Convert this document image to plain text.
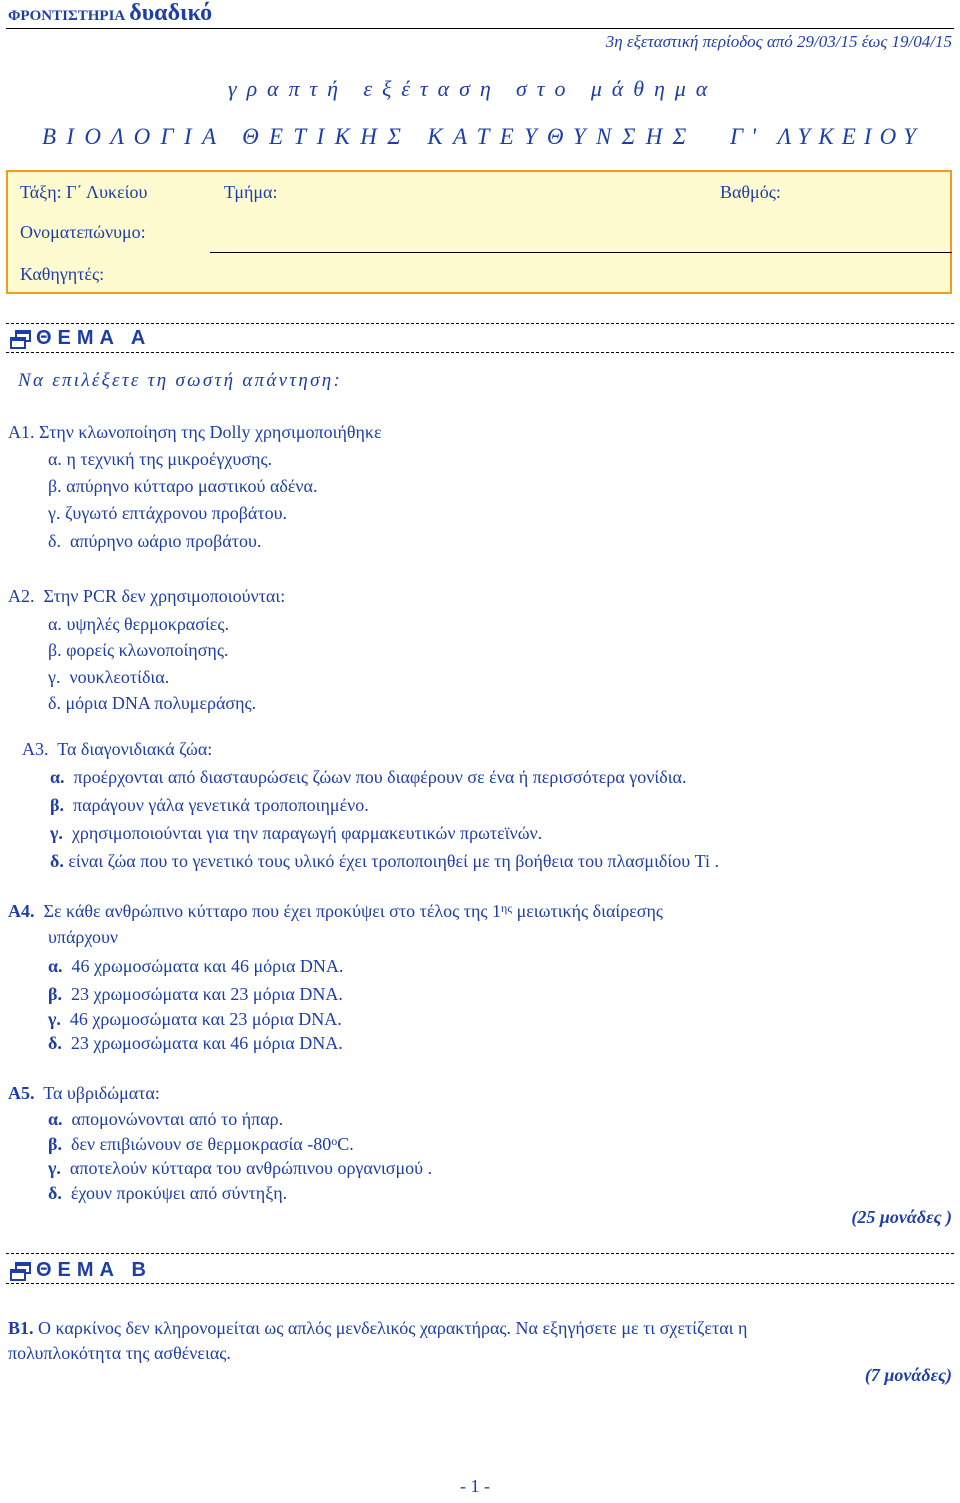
ΦΡΟΝΤΙΣΤΗΡΙΑ δυαδικό
3η εξεταστική περίοδος από 29/03/15 έως 19/04/15
γραπτή εξέταση στο μάθημα
ΒΙΟΛΟΓΙΑ ΘΕΤΙΚΗΣ ΚΑΤΕΥΘΥΝΣΗΣ Γ' ΛΥΚΕΙΟΥ
Τάξη: Γ΄ Λυκείου	Τμήμα:	Βαθμός:
Ονοματεπώνυμο:
Καθηγητές:
ΘΕΜΑ Α
Να επιλέξετε τη σωστή απάντηση:
Α1. Στην κλωνοποίηση της Dolly χρησιμοποιήθηκε
α. η τεχνική της μικροέγχυσης.
β. απύρηνο κύτταρο μαστικού αδένα.
γ. ζυγωτό επτάχρονου προβάτου.
δ. απύρηνο ωάριο προβάτου.
Α2. Στην PCR δεν χρησιμοποιούνται:
α. υψηλές θερμοκρασίες.
β. φορείς κλωνοποίησης.
γ. νουκλεοτίδια.
δ. μόρια DNA πολυμεράσης.
Α3. Τα διαγονιδιακά ζώα:
α. προέρχονται από διασταυρώσεις ζώων που διαφέρουν σε ένα ή περισσότερα γονίδια.
β. παράγουν γάλα γενετικά τροποποιημένο.
γ. χρησιμοποιούνται για την παραγωγή φαρμακευτικών πρωτεϊνών.
δ. είναι ζώα που το γενετικό τους υλικό έχει τροποποιηθεί με τη βοήθεια του πλασμιδίου Ti .
Α4. Σε κάθε ανθρώπινο κύτταρο που έχει προκύψει στο τέλος της $1^{\eta\varsigma}$ μειωτικής διαίρεσης
υπάρχουν
α. 46 χρωμοσώματα και 46 μόρια DNA.
β. 23 χρωμοσώματα και 23 μόρια DNA.
γ. 46 χρωμοσώματα και 23 μόρια DNA.
δ. 23 χρωμοσώματα και 46 μόρια DNA.
Α5. Τα υβριδώματα:
α. απομονώνονται από το ήπαρ.
β. δεν επιβιώνουν σε θερμοκρασία -80$^o$C.
γ. αποτελούν κύτταρα του ανθρώπινου οργανισμού .
δ. έχουν προκύψει από σύντηξη.
(25 μονάδες )
ΘΕΜΑ Β
Β1. Ο καρκίνος δεν κληρονομείται ως απλός μενδελικός χαρακτήρας. Να εξηγήσετε με τι σχετίζεται η
πολυπλοκότητα της ασθένειας.
(7 μονάδες)
- 1 -
